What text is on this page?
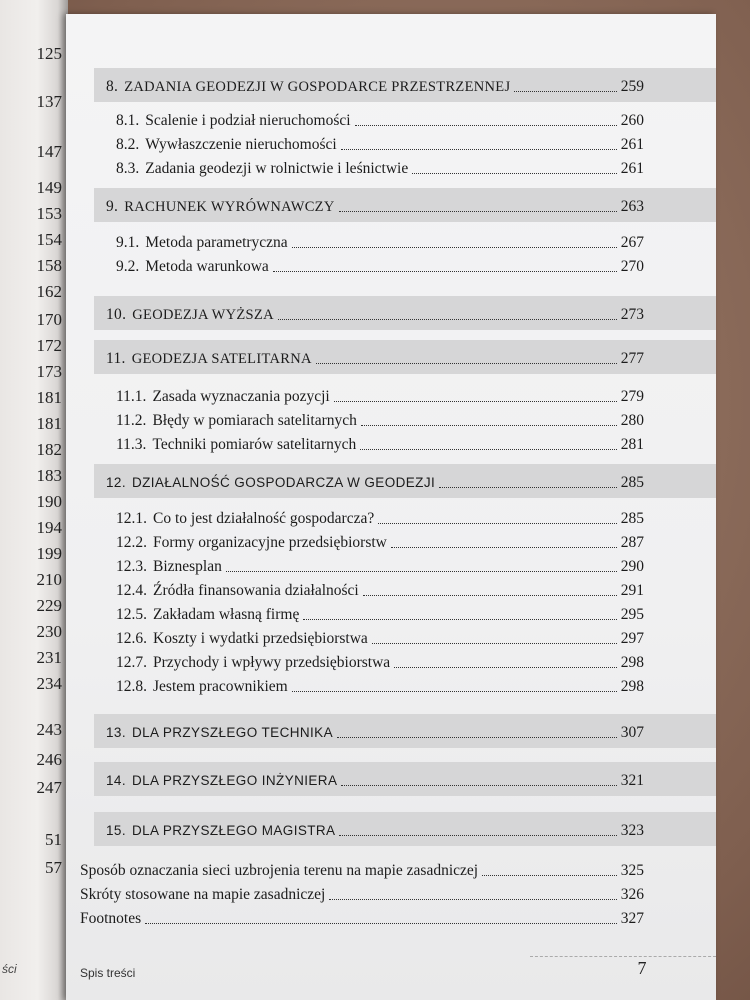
125
137
147
149
153
154
158
162
170
172
173
181
181
182
183
190
194
199
210
229
230
231
234
243
246
247
51
57
8. ZADANIA GEODEZJI W GOSPODARCE PRZESTRZENNEJ	259
8.1. Scalenie i podział nieruchomości	260
8.2. Wywłaszczenie nieruchomości	261
8.3. Zadania geodezji w rolnictwie i leśnictwie	261
9. RACHUNEK WYRÓWNAWCZY	263
9.1. Metoda parametryczna	267
9.2. Metoda warunkowa	270
10. GEODEZJA WYŻSZA	273
11. GEODEZJA SATELITARNA	277
11.1. Zasada wyznaczania pozycji	279
11.2. Błędy w pomiarach satelitarnych	280
11.3. Techniki pomiarów satelitarnych	281
12. DZIAŁALNOŚĆ GOSPODARCZA W GEODEZJI	285
12.1. Co to jest działalność gospodarcza?	285
12.2. Formy organizacyjne przedsiębiorstw	287
12.3. Biznesplan	290
12.4. Źródła finansowania działalności	291
12.5. Zakładam własną firmę	295
12.6. Koszty i wydatki przedsiębiorstwa	297
12.7. Przychody i wpływy przedsiębiorstwa	298
12.8. Jestem pracownikiem	298
13. DLA PRZYSZŁEGO TECHNIKA	307
14. DLA PRZYSZŁEGO INŻYNIERA	321
15. DLA PRZYSZŁEGO MAGISTRA	323
Sposób oznaczania sieci uzbrojenia terenu na mapie zasadniczej	325
Skróty stosowane na mapie zasadniczej	326
Footnotes	327
Spis treści	7
ści
